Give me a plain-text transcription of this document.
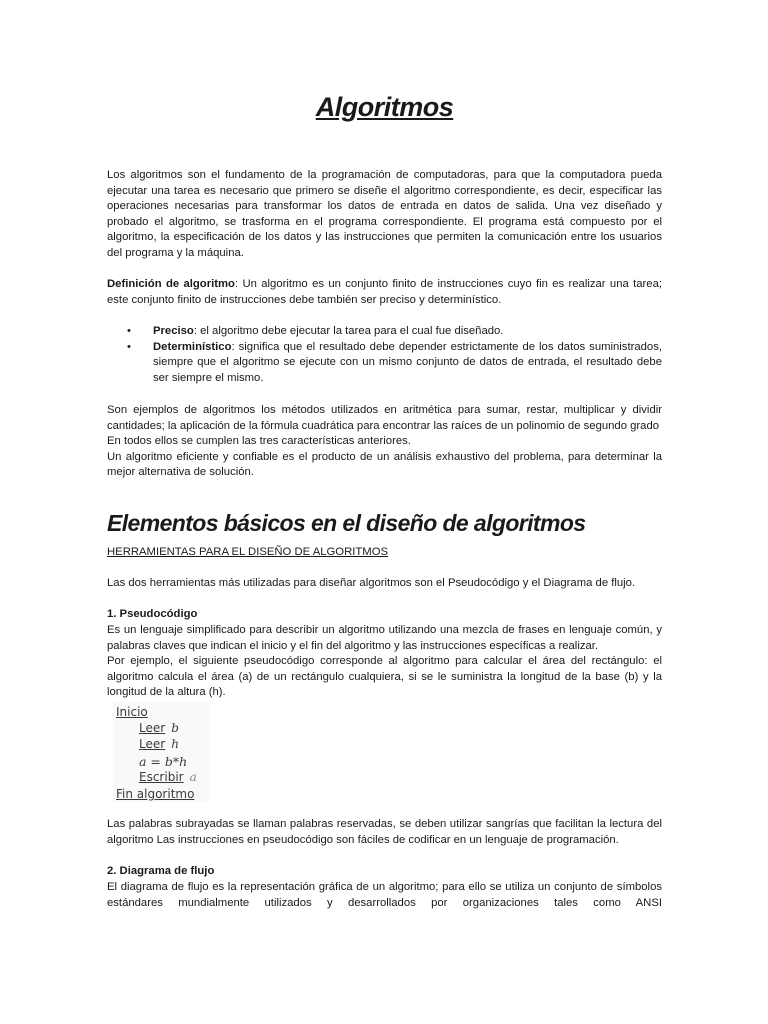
Algoritmos

Los algoritmos son el fundamento de la programación de computadoras, para que la computadora pueda ejecutar una tarea es necesario que primero se diseñe el algoritmo correspondiente, es decir, especificar las operaciones necesarias para transformar los datos de entrada en datos de salida. Una vez diseñado y probado el algoritmo, se trasforma en el programa correspondiente. El programa está compuesto por el algoritmo, la especificación de los datos y las instrucciones que permiten la comunicación entre los usuarios del programa y la máquina.

Definición de algoritmo: Un algoritmo es un conjunto finito de instrucciones cuyo fin es realizar una tarea; este conjunto finito de instrucciones debe también ser preciso y determinístico.

• Preciso: el algoritmo debe ejecutar la tarea para el cual fue diseñado.
• Determinístico: significa que el resultado debe depender estrictamente de los datos suministrados, siempre que el algoritmo se ejecute con un mismo conjunto de datos de entrada, el resultado debe ser siempre el mismo.
Son ejemplos de algoritmos los métodos utilizados en aritmética para sumar, restar, multiplicar y dividir cantidades; la aplicación de la fórmula cuadrática para encontrar las raíces de un polinomio de segundo grado
En todos ellos se cumplen las tres características anteriores.
Un algoritmo eficiente y confiable es el producto de un análisis exhaustivo del problema, para determinar la mejor alternativa de solución.
Elementos básicos en el diseño de algoritmos

HERRAMIENTAS PARA EL DISEÑO DE ALGORITMOS

Las dos herramientas más utilizadas para diseñar algoritmos son el Pseudocódigo y el Diagrama de flujo.

1. Pseudocódigo

Es un lenguaje simplificado para describir un algoritmo utilizando una mezcla de frases en lenguaje común, y palabras claves que indican el inicio y el fin del algoritmo y las instrucciones específicas a realizar.

Por ejemplo, el siguiente pseudocódigo corresponde al algoritmo para calcular el área del rectángulo: el algoritmo calcula el área (a) de un rectángulo cualquiera, si se le suministra la longitud de la base (b) y la longitud de la altura (h).

Inicio
Leer b
Leer h
a = b*h
Escribir a
Fin algoritmo

Las palabras subrayadas se llaman palabras reservadas, se deben utilizar sangrías que facilitan la lectura del algoritmo Las instrucciones en pseudocódigo son fáciles de codificar en un lenguaje de programación.

2. Diagrama de flujo

El diagrama de flujo es la representación gráfica de un algoritmo; para ello se utiliza un conjunto de símbolos estándares mundialmente utilizados y desarrollados por organizaciones tales como ANSI
